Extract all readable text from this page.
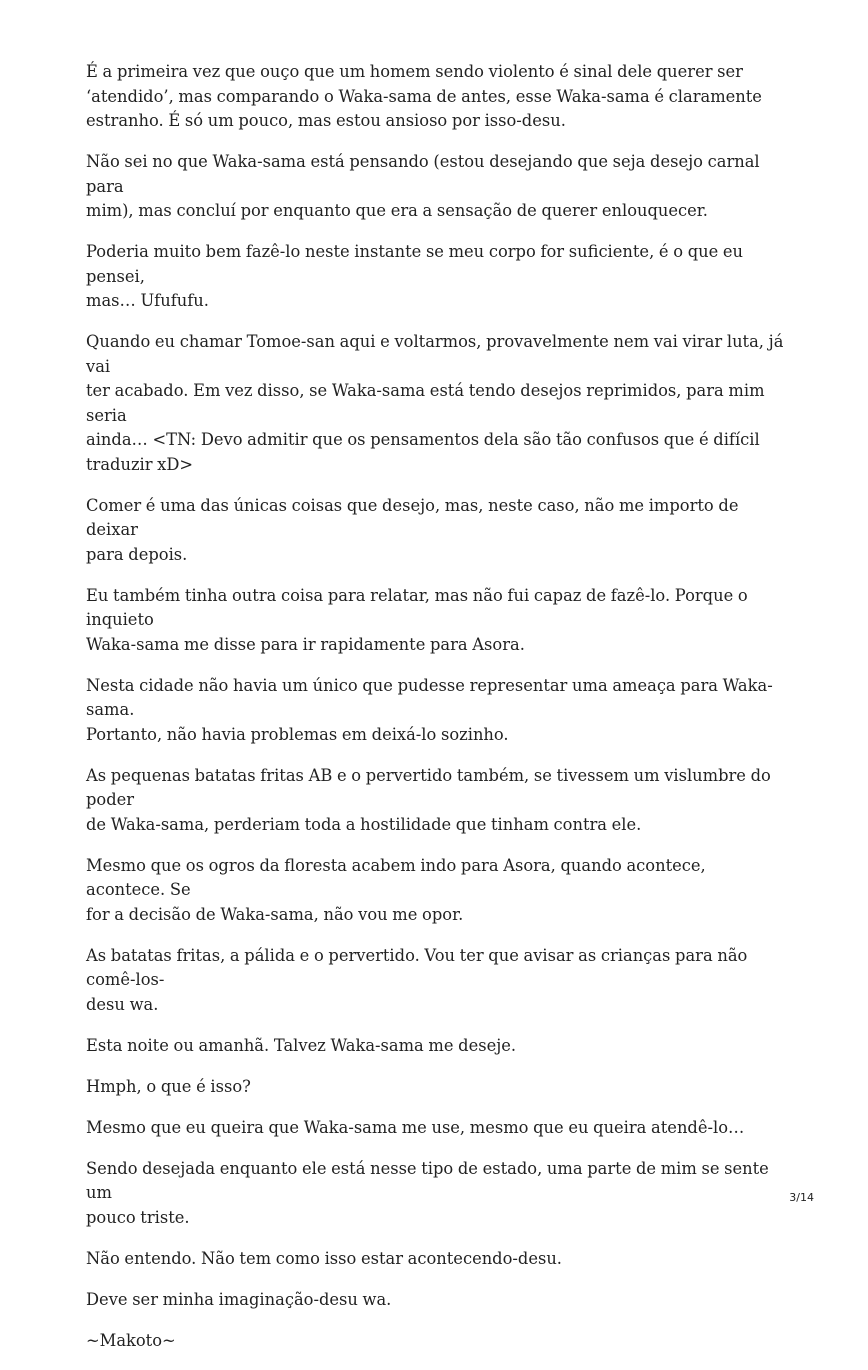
É a primeira vez que ouço que um homem sendo violento é sinal dele querer ser
‘atendido’, mas comparando o Waka-sama de antes, esse Waka-sama é claramente
estranho. É só um pouco, mas estou ansioso por isso-desu.

Não sei no que Waka-sama está pensando (estou desejando que seja desejo carnal para
mim), mas concluí por enquanto que era a sensação de querer enlouquecer.

Poderia muito bem fazê-lo neste instante se meu corpo for suficiente, é o que eu pensei,
mas… Ufufufu.

Quando eu chamar Tomoe-san aqui e voltarmos, provavelmente nem vai virar luta, já vai
ter acabado. Em vez disso, se Waka-sama está tendo desejos reprimidos, para mim seria
ainda… <TN: Devo admitir que os pensamentos dela são tão confusos que é difícil
traduzir xD>

Comer é uma das únicas coisas que desejo, mas, neste caso, não me importo de deixar
para depois.

Eu também tinha outra coisa para relatar, mas não fui capaz de fazê-lo. Porque o inquieto
Waka-sama me disse para ir rapidamente para Asora.

Nesta cidade não havia um único que pudesse representar uma ameaça para Waka-sama.
Portanto, não havia problemas em deixá-lo sozinho.

As pequenas batatas fritas AB e o pervertido também, se tivessem um vislumbre do poder
de Waka-sama, perderiam toda a hostilidade que tinham contra ele.

Mesmo que os ogros da floresta acabem indo para Asora, quando acontece, acontece. Se
for a decisão de Waka-sama, não vou me opor.

As batatas fritas, a pálida e o pervertido. Vou ter que avisar as crianças para não comê-los-
desu wa.

Esta noite ou amanhã. Talvez Waka-sama me deseje.

Hmph, o que é isso?

Mesmo que eu queira que Waka-sama me use, mesmo que eu queira atendê-lo…

Sendo desejada enquanto ele está nesse tipo de estado, uma parte de mim se sente um
pouco triste.

Não entendo. Não tem como isso estar acontecendo-desu.

Deve ser minha imaginação-desu wa.

~Makoto~

3/14
